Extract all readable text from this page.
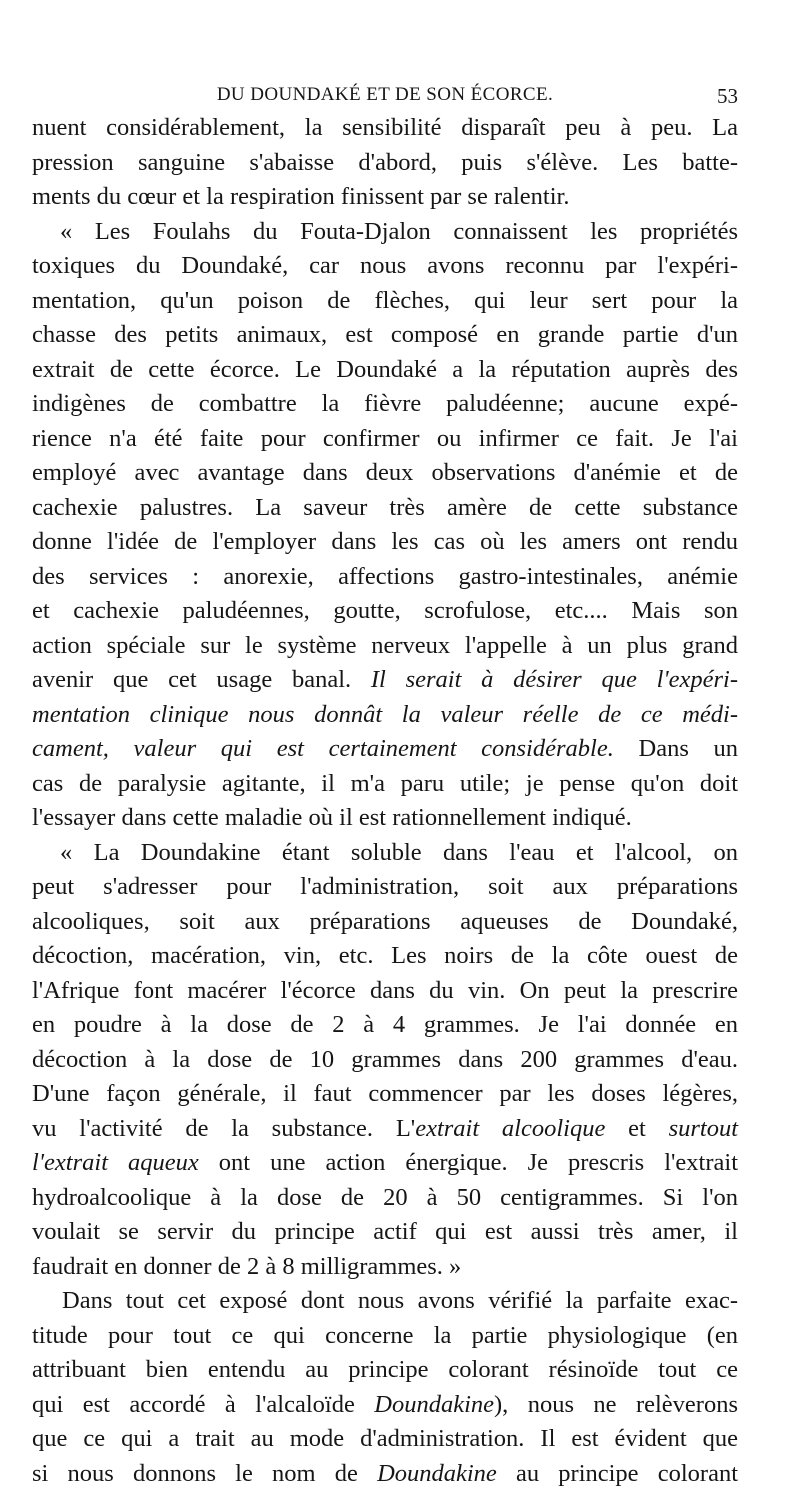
DU DOUNDAKÉ ET DE SON ÉCORCE.	53
nuent considérablement, la sensibilité disparaît peu à peu. La
pression sanguine s'abaisse d'abord, puis s'élève. Les batte-
ments du cœur et la respiration finissent par se ralentir.
« Les Foulahs du Fouta-Djalon connaissent les propriétés
toxiques du Doundaké, car nous avons reconnu par l'expéri-
mentation, qu'un poison de flèches, qui leur sert pour la
chasse des petits animaux, est composé en grande partie d'un
extrait de cette écorce. Le Doundaké a la réputation auprès des
indigènes de combattre la fièvre paludéenne; aucune expé-
rience n'a été faite pour confirmer ou infirmer ce fait. Je l'ai
employé avec avantage dans deux observations d'anémie et de
cachexie palustres. La saveur très amère de cette substance
donne l'idée de l'employer dans les cas où les amers ont rendu
des services : anorexie, affections gastro-intestinales, anémie
et cachexie paludéennes, goutte, scrofulose, etc.... Mais son
action spéciale sur le système nerveux l'appelle à un plus grand
avenir que cet usage banal. Il serait à désirer que l'expéri-
mentation clinique nous donnât la valeur réelle de ce médi-
cament, valeur qui est certainement considérable. Dans un
cas de paralysie agitante, il m'a paru utile; je pense qu'on doit
l'essayer dans cette maladie où il est rationnellement indiqué.
« La Doundakine étant soluble dans l'eau et l'alcool, on
peut s'adresser pour l'administration, soit aux préparations
alcooliques, soit aux préparations aqueuses de Doundaké,
décoction, macération, vin, etc. Les noirs de la côte ouest de
l'Afrique font macérer l'écorce dans du vin. On peut la prescrire
en poudre à la dose de 2 à 4 grammes. Je l'ai donnée en
décoction à la dose de 10 grammes dans 200 grammes d'eau.
D'une façon générale, il faut commencer par les doses légères,
vu l'activité de la substance. L'extrait alcoolique et surtout
l'extrait aqueux ont une action énergique. Je prescris l'extrait
hydroalcoolique à la dose de 20 à 50 centigrammes. Si l'on
voulait se servir du principe actif qui est aussi très amer, il
faudrait en donner de 2 à 8 milligrammes. »
Dans tout cet exposé dont nous avons vérifié la parfaite exac-
titude pour tout ce qui concerne la partie physiologique (en
attribuant bien entendu au principe colorant résinoïde tout ce
qui est accordé à l'alcaloïde Doundakine), nous ne relèverons
que ce qui a trait au mode d'administration. Il est évident que
si nous donnons le nom de Doundakine au principe colorant
